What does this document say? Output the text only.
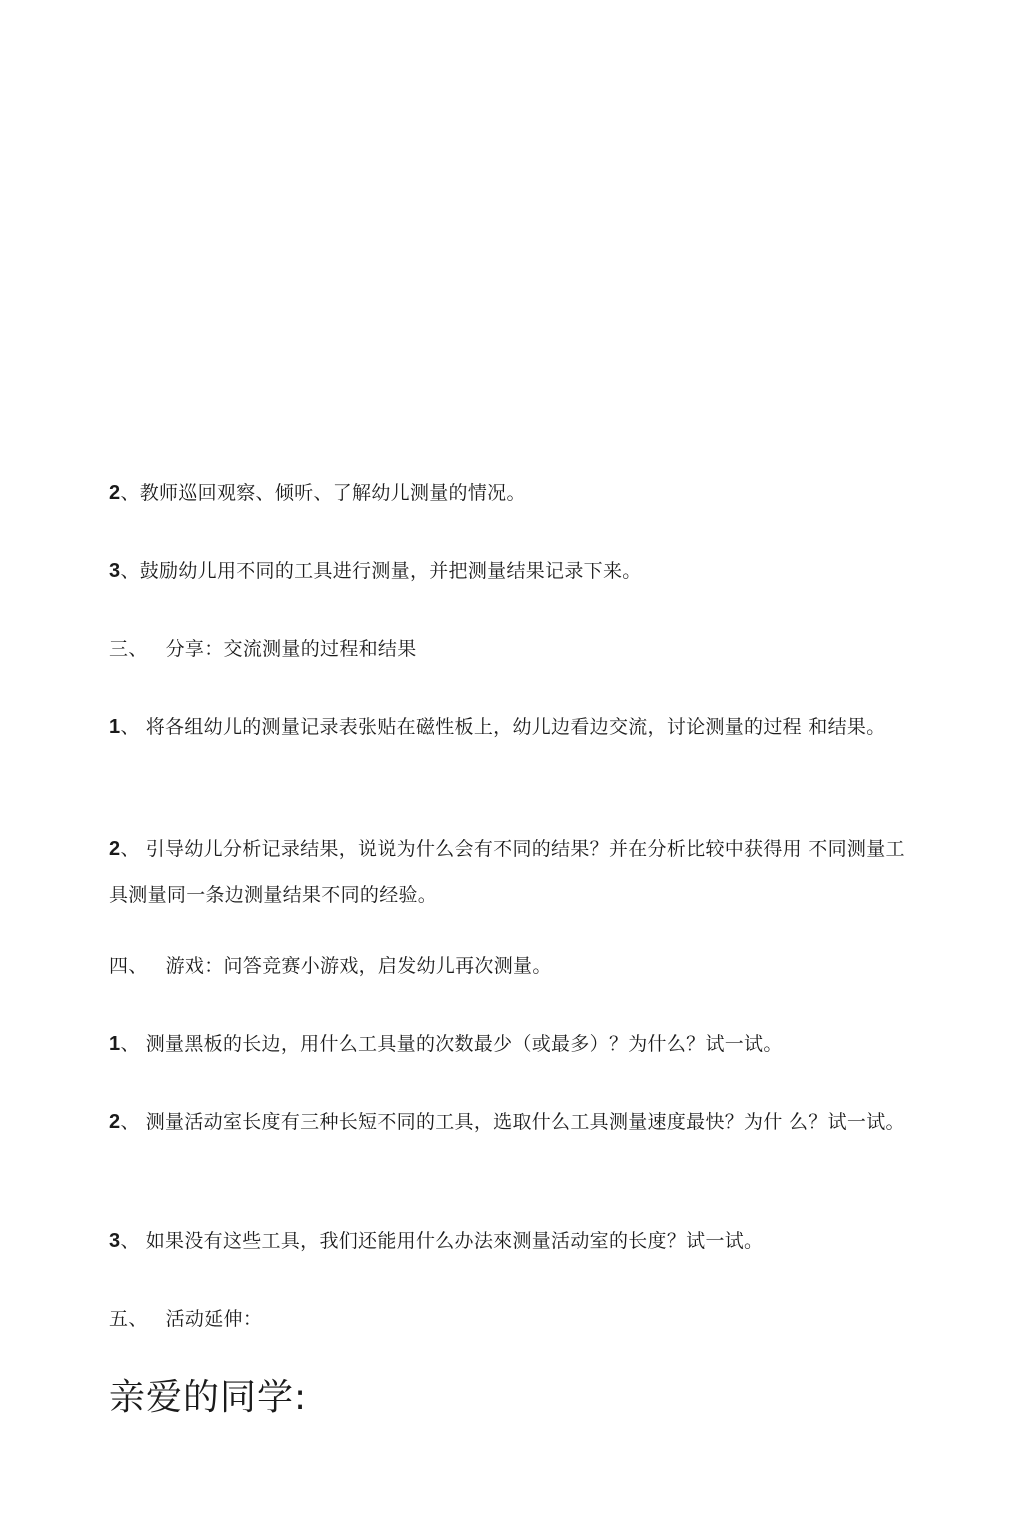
2、教师巡回观察、倾听、了解幼儿测量的情况。
3、鼓励幼儿用不同的工具进行测量，并把测量结果记录下来。
三、 分享：交流测量的过程和结果
1、 将各组幼儿的测量记录表张贴在磁性板上，幼儿边看边交流，讨论测量的过程 和结果。
2、 引导幼儿分析记录结果，说说为什么会有不同的结果？并在分析比较中获得用 不同测量工具测量同一条边测量结果不同的经验。
四、 游戏：问答竞赛小游戏，启发幼儿再次测量。
1、 测量黑板的长边，用什么工具量的次数最少（或最多）？为什么？试一试。
2、 测量活动室长度有三种长短不同的工具，选取什么工具测量速度最快？为什 么？试一试。
3、 如果没有这些工具，我们还能用什么办法來测量活动室的长度？试一试。
五、 活动延伸：
亲爱的同学:
